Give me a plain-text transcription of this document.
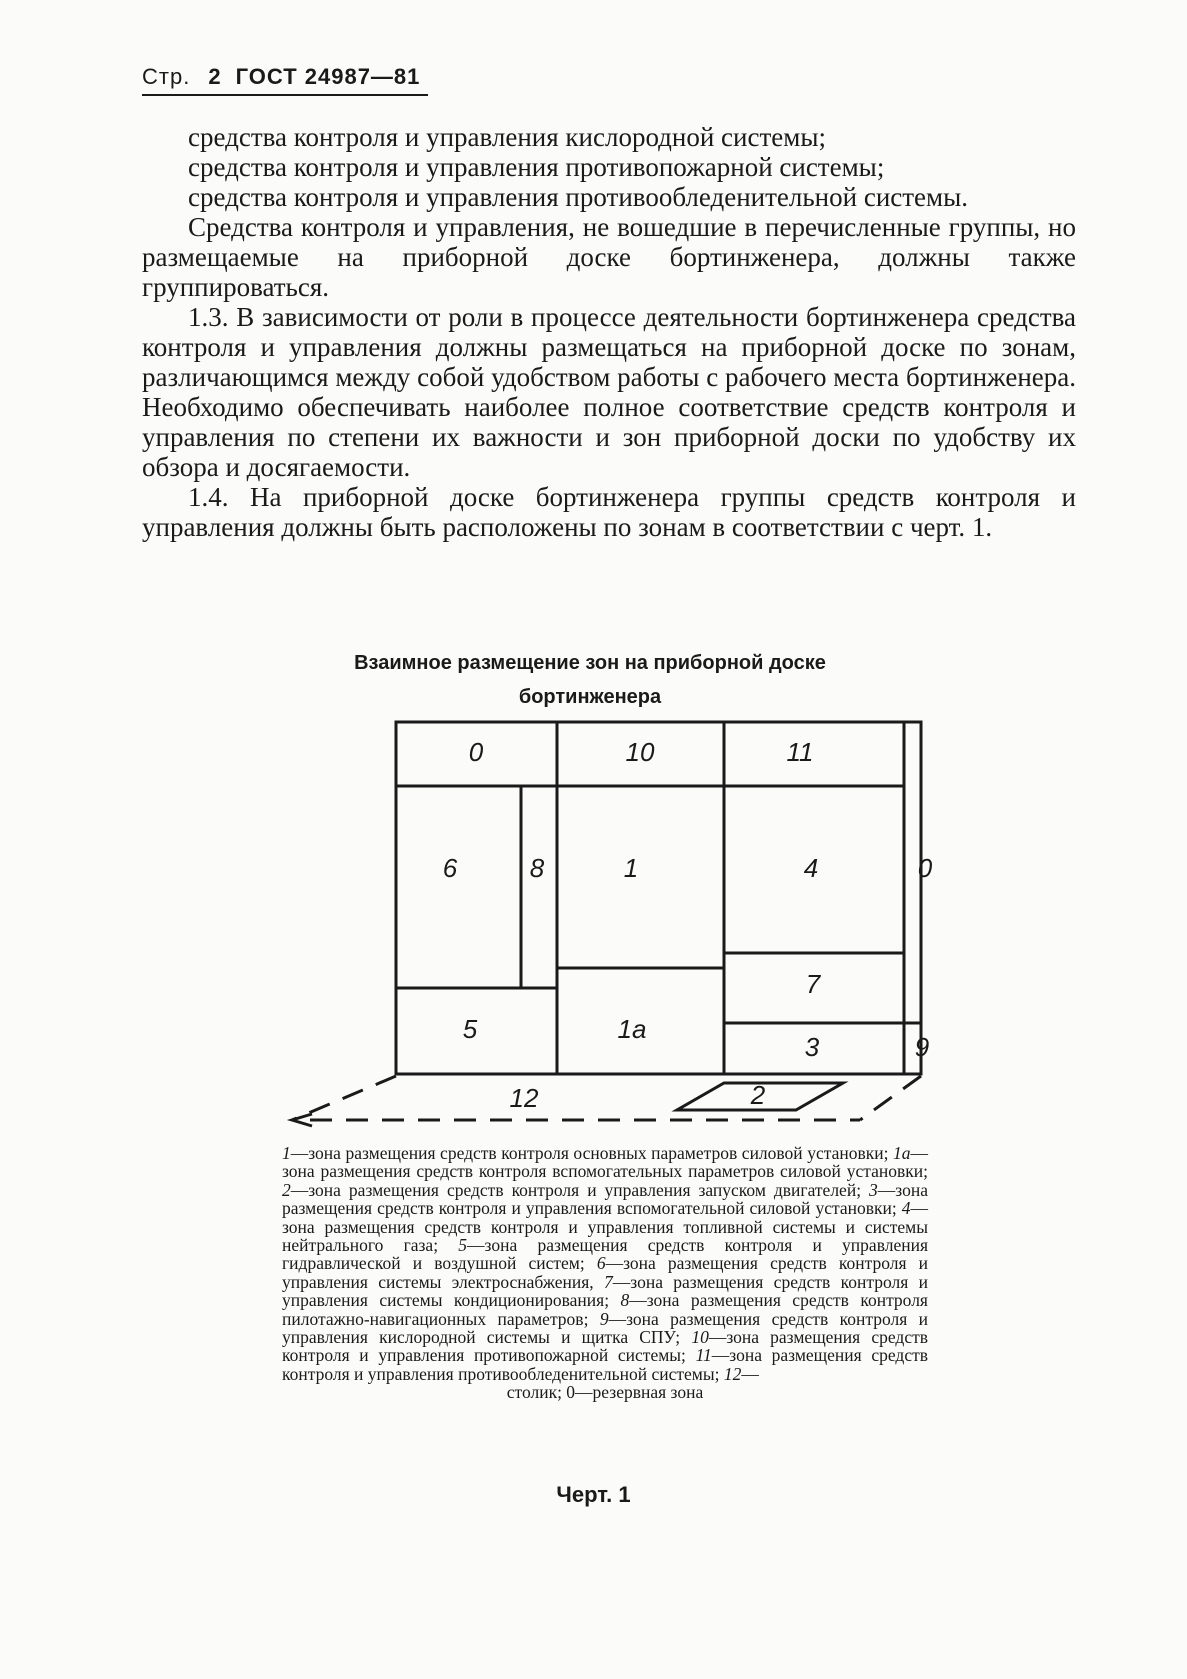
Стр. 2 ГОСТ 24987—81

средства контроля и управления кислородной системы;

средства контроля и управления противопожарной системы;

средства контроля и управления противообледенительной системы.

Средства контроля и управления, не вошедшие в перечисленные группы, но размещаемые на приборной доске бортинженера, должны также группироваться.

1.3. В зависимости от роли в процессе деятельности бортинженера средства контроля и управления должны размещаться на приборной доске по зонам, различающимся между собой удобством работы с рабочего места бортинженера. Необходимо обеспечивать наиболее полное соответствие средств контроля и управления по степени их важности и зон приборной доски по удобству их обзора и досягаемости.

1.4. На приборной доске бортинженера группы средств контроля и управления должны быть расположены по зонам в соответствии с черт. 1.

Взаимное размещение зон на приборной доске
бортинженера
0	10	11
6	8	1	4	0
7
5	1а
3	9
12	2
1—зона размещения средств контроля основных параметров силовой установки; 1а—зона размещения средств контроля вспомогательных параметров силовой установки; 2—зона размещения средств контроля и управления запуском двигателей; 3—зона размещения средств контроля и управления вспомогательной силовой установки; 4—зона размещения средств контроля и управления топливной системы и системы нейтрального газа; 5—зона размещения средств контроля и управления гидравлической и воздушной систем; 6—зона размещения средств контроля и управления системы электроснабжения, 7—зона размещения средств контроля и управления системы кондиционирования; 8—зона размещения средств контроля пилотажно-навигационных параметров; 9—зона размещения средств контроля и управления кислородной системы и щитка СПУ; 10—зона размещения средств контроля и управления противопожарной системы; 11—зона размещения средств контроля и управления противообледенительной системы; 12—
столик; 0—резервная зона
Черт. 1
